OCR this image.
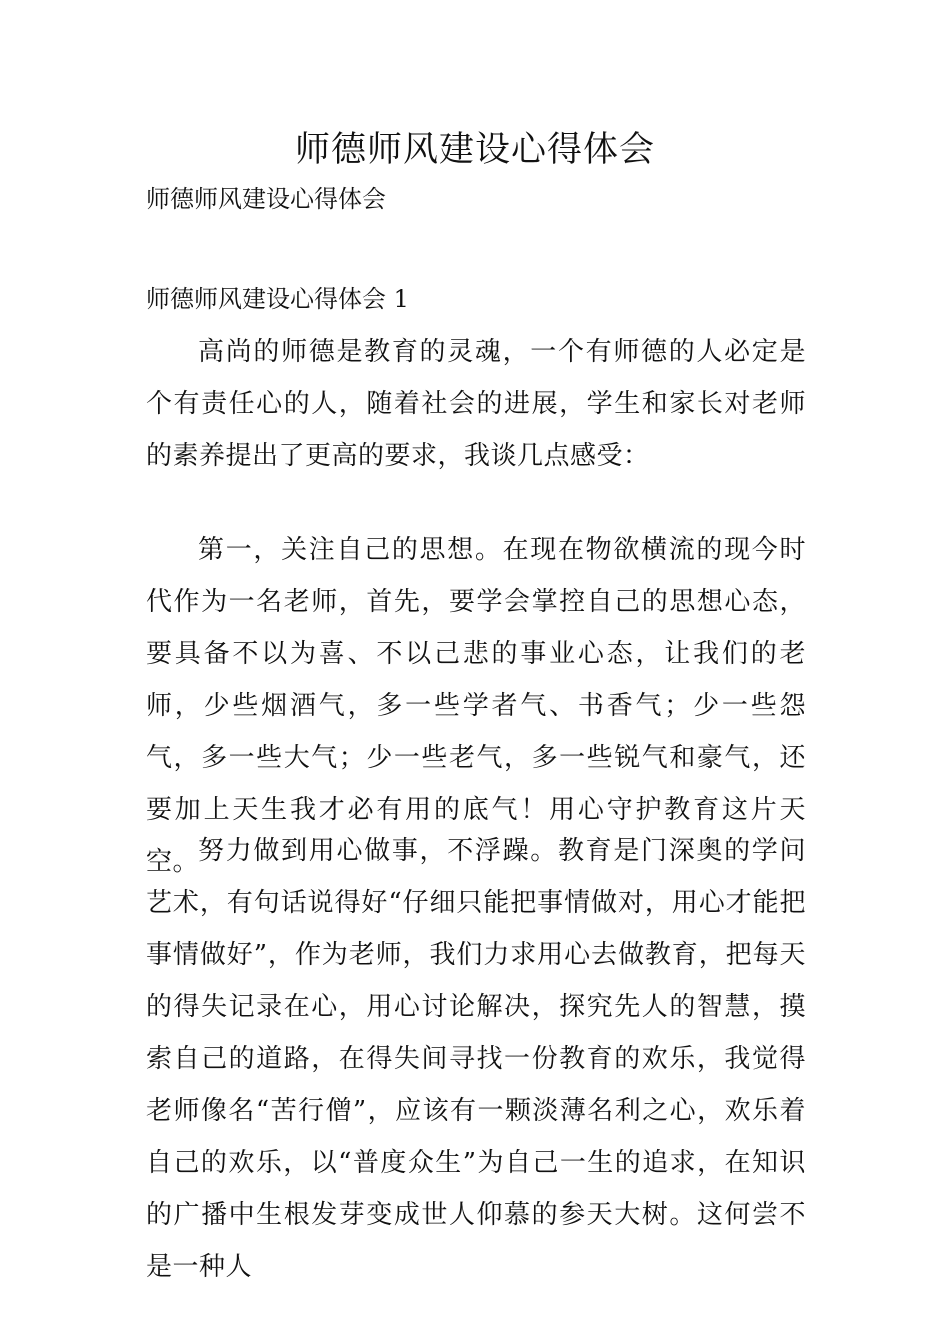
师德师风建设心得体会
师德师风建设心得体会
师德师风建设心得体会 1

高尚的师德是教育的灵魂，一个有师德的人必定是个有责任心的人，随着社会的进展，学生和家长对老师的素养提出了更高的要求，我谈几点感受：

第一，关注自己的思想。在现在物欲横流的现今时代作为一名老师，首先，要学会掌控自己的思想心态，要具备不以为喜、不以己悲的事业心态，让我们的老师，少些烟酒气，多一些学者气、书香气；少一些怨气，多一些大气；少一些老气，多一些锐气和豪气，还要加上天生我才必有用的底气！用心守护教育这片天空。

努力做到用心做事，不浮躁。教育是门深奥的学问艺术，有句话说得好“仔细只能把事情做对，用心才能把事情做好”，作为老师，我们力求用心去做教育，把每天的得失记录在心，用心讨论解决，探究先人的智慧，摸索自己的道路，在得失间寻找一份教育的欢乐，我觉得老师像名“苦行僧”，应该有一颗淡薄名利之心，欢乐着自己的欢乐，以“普度众生”为自己一生的追求，在知识的广播中生根发芽变成世人仰慕的参天大树。这何尝不是一种人
